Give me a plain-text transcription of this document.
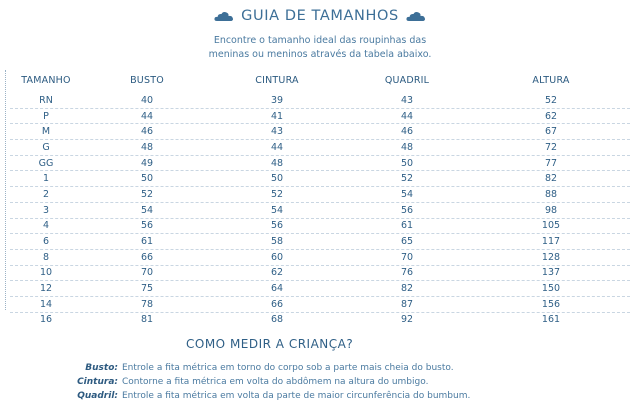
GUIA DE TAMANHOS
Encontre o tamanho ideal das roupinhas das
meninas ou meninos através da tabela abaixo.
TAMANHO	BUSTO	CINTURA	QUADRIL	ALTURA
RN	40	39	43	52
P	44	41	44	62
M	46	43	46	67
G	48	44	48	72
GG	49	48	50	77
1	50	50	52	82
2	52	52	54	88
3	54	54	56	98
4	56	56	61	105
6	61	58	65	117
8	66	60	70	128
10	70	62	76	137
12	75	64	82	150
14	78	66	87	156
16	81	68	92	161
COMO MEDIR A CRIANÇA?
Busto: Entrole a fita métrica em torno do corpo sob a parte mais cheia do busto.
Cintura: Contorne a fita métrica em volta do abdômem na altura do umbigo.
Quadril: Entrole a fita métrica em volta da parte de maior circunferência do bumbum.
